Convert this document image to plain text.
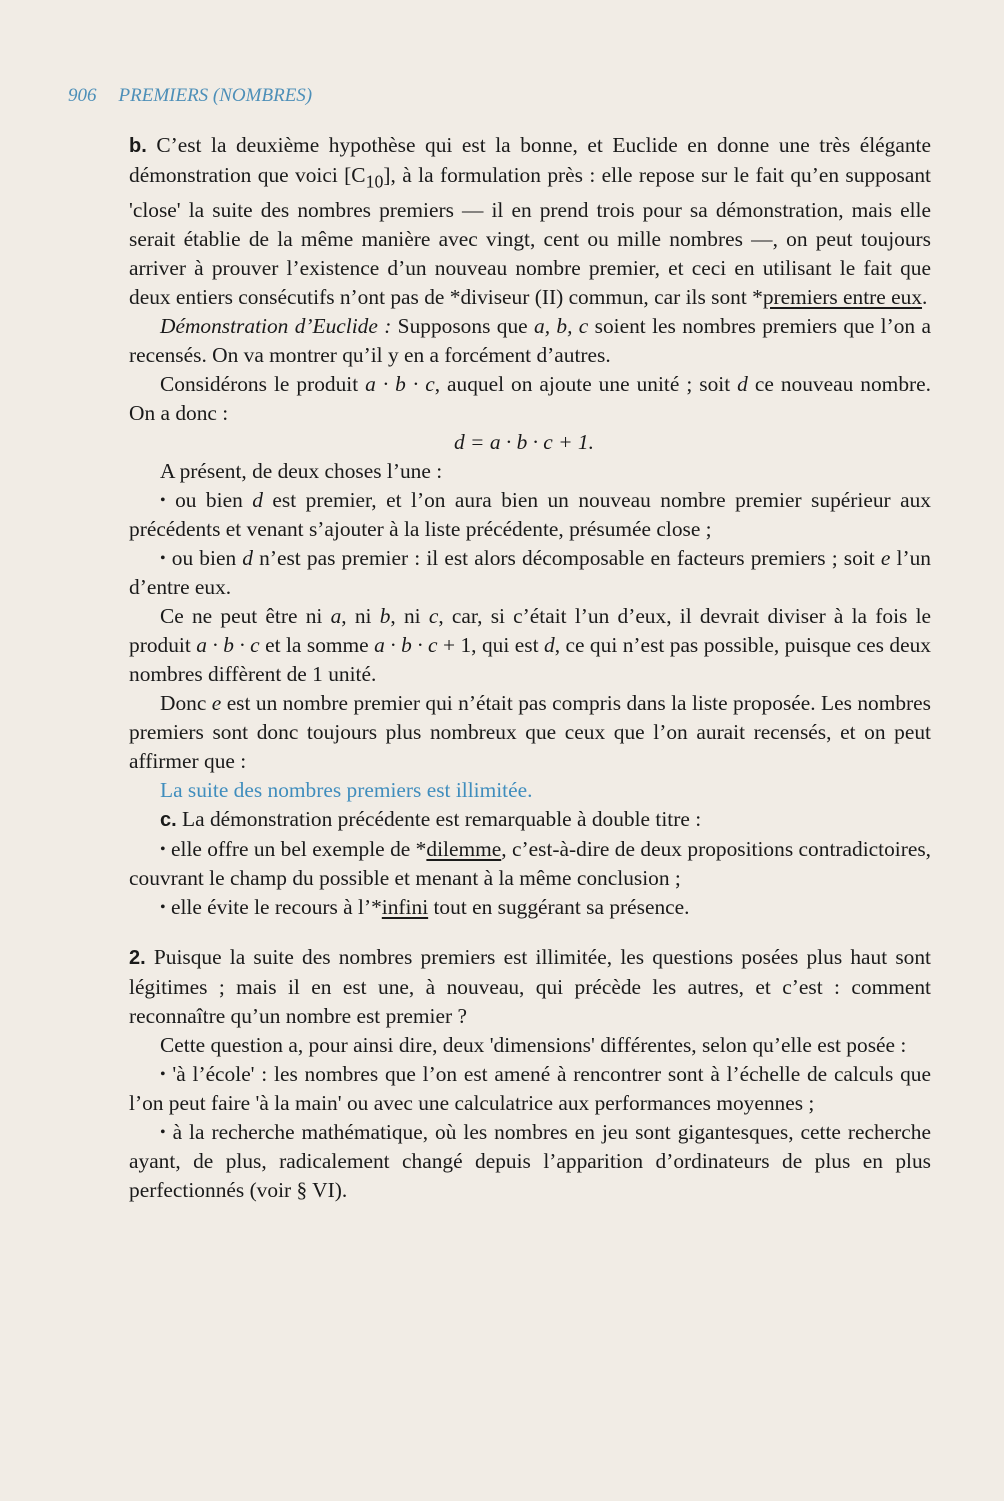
906 PREMIERS (NOMBRES)

b. C’est la deuxième hypothèse qui est la bonne, et Euclide en donne une très élégante démonstration que voici $[C_{10}]$, à la formulation près : elle repose sur le fait qu’en supposant 'close' la suite des nombres premiers — il en prend trois pour sa démonstration, mais elle serait établie de la même manière avec vingt, cent ou mille nombres —, on peut toujours arriver à prouver l’existence d’un nouveau nombre premier, et ceci en utilisant le fait que deux entiers consécutifs n’ont pas de *diviseur (II) commun, car ils sont *premiers entre eux.

Démonstration d’Euclide : Supposons que a, b, c soient les nombres premiers que l’on a recensés. On va montrer qu’il y en a forcément d’autres.

Considérons le produit a · b · c, auquel on ajoute une unité ; soit d ce nouveau nombre. On a donc :

d = a · b · c + 1.

A présent, de deux choses l’une :

• ou bien d est premier, et l’on aura bien un nouveau nombre premier supérieur aux précédents et venant s’ajouter à la liste précédente, présumée close ;

• ou bien d n’est pas premier : il est alors décomposable en facteurs premiers ; soit e l’un d’entre eux.

Ce ne peut être ni a, ni b, ni c, car, si c’était l’un d’eux, il devrait diviser à la fois le produit a · b · c et la somme a · b · c + 1, qui est d, ce qui n’est pas possible, puisque ces deux nombres diffèrent de 1 unité.

Donc e est un nombre premier qui n’était pas compris dans la liste proposée. Les nombres premiers sont donc toujours plus nombreux que ceux que l’on aurait recensés, et on peut affirmer que :

La suite des nombres premiers est illimitée.

c. La démonstration précédente est remarquable à double titre :

• elle offre un bel exemple de *dilemme, c’est-à-dire de deux propositions contradictoires, couvrant le champ du possible et menant à la même conclusion ;

• elle évite le recours à l’*infini tout en suggérant sa présence.

2. Puisque la suite des nombres premiers est illimitée, les questions posées plus haut sont légitimes ; mais il en est une, à nouveau, qui précède les autres, et c’est : comment reconnaître qu’un nombre est premier ?

Cette question a, pour ainsi dire, deux 'dimensions' différentes, selon qu’elle est posée :

• 'à l’école' : les nombres que l’on est amené à rencontrer sont à l’échelle de calculs que l’on peut faire 'à la main' ou avec une calculatrice aux performances moyennes ;

• à la recherche mathématique, où les nombres en jeu sont gigantesques, cette recherche ayant, de plus, radicalement changé depuis l’apparition d’ordinateurs de plus en plus perfectionnés (voir § VI).
